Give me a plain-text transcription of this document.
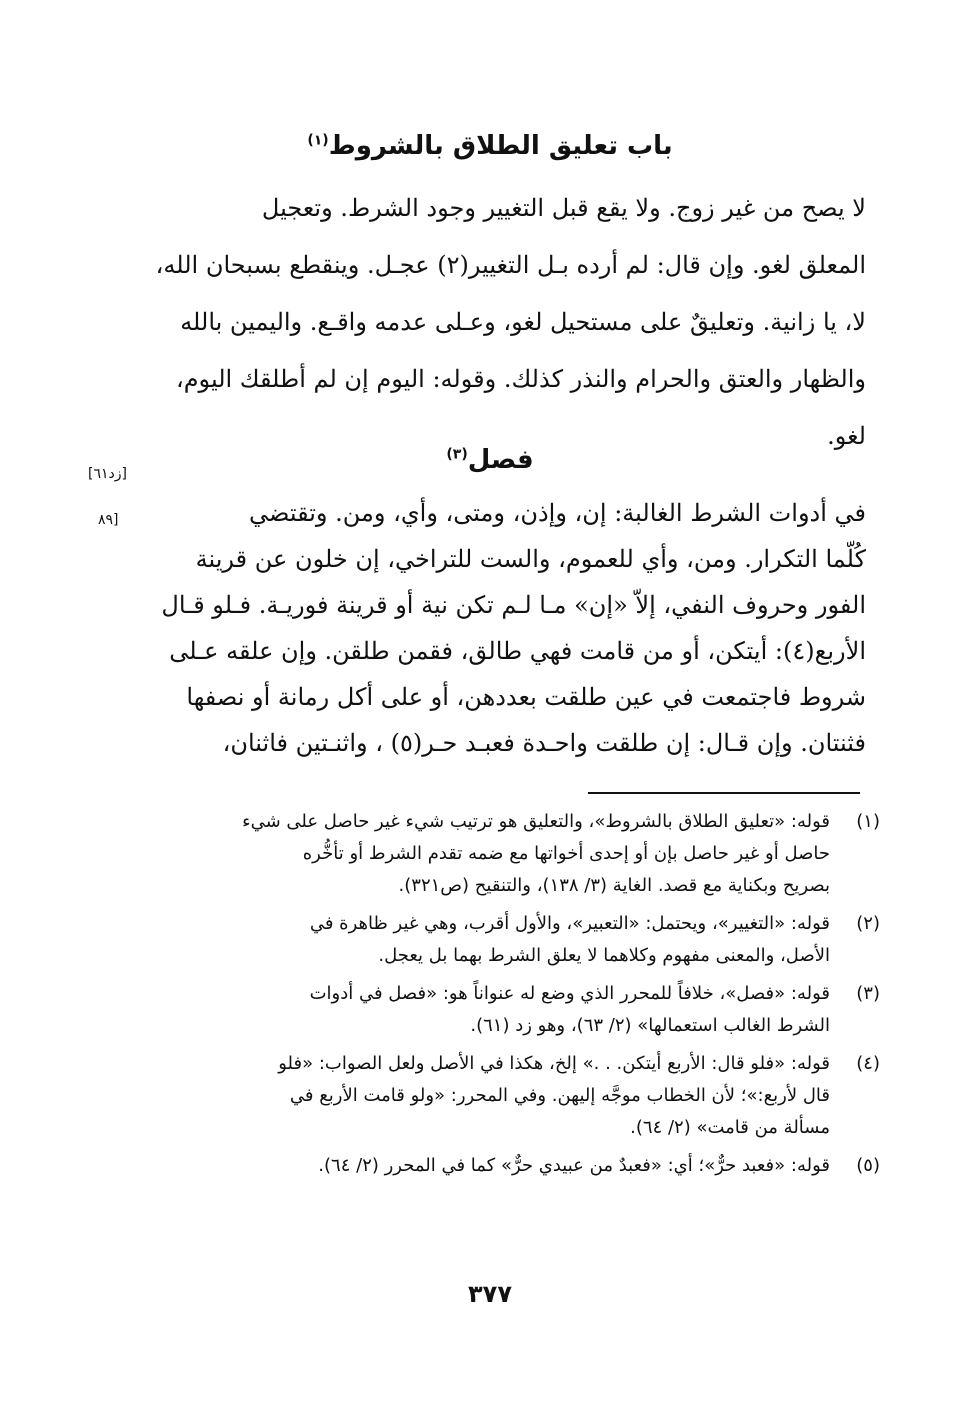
باب تعليق الطلاق بالشروط$^{(١)}$
لا يصح من غير زوج. ولا يقع قبل التغيير وجود الشرط. وتعجيل
المعلق لغو. وإن قال: لم أرده بـل التغيير(٢) عجـل. وينقطع بسبحان الله،
لا، يا زانية. وتعليقٌ على مستحيل لغو، وعـلى عدمه واقـع. واليمين بالله
والظهار والعتق والحرام والنذر كذلك. وقوله: اليوم إن لم أطلقك اليوم،
لغو.
فصل$^{(٣)}$
[زد٦١]
[٨٩	في أدوات الشرط الغالبة: إن، وإذن، ومتى، وأي، ومن. وتقتضي
كُلّما التكرار. ومن، وأي للعموم، والست للتراخي، إن خلون عن قرينة
الفور وحروف النفي، إلاّ «إن» مـا لـم تكن نية أو قرينة فوريـة. فـلو قـال
الأربع(٤): أيتكن، أو من قامت فهي طالق، فقمن طلقن. وإن علقه عـلى
شروط فاجتمعت في عين طلقت بعددهن، أو على أكل رمانة أو نصفها
فثنتان. وإن قـال: إن طلقت واحـدة فعبـد حـر(٥) ، واثنـتين فاثنان،
(١)
قوله: «تعليق الطلاق بالشروط»، والتعليق هو ترتيب شيء غير حاصل على شيء
حاصل أو غير حاصل بإن أو إحدى أخواتها مع ضمه تقدم الشرط أو تأخُّره
بصريح وبكناية مع قصد. الغاية (٣/ ١٣٨)، والتنقيح (ص٣٢١).
(٢)
قوله: «التغيير»، ويحتمل: «التعبير»، والأول أقرب، وهي غير ظاهرة في
الأصل، والمعنى مفهوم وكلاهما لا يعلق الشرط بهما بل يعجل.
(٣)
قوله: «فصل»، خلافاً للمحرر الذي وضع له عنواناً هو: «فصل في أدوات
الشرط الغالب استعمالها» (٢/ ٦٣)، وهو زد (٦١).
(٤)
قوله: «فلو قال: الأربع أيتكن. . .» إلخ، هكذا في الأصل ولعل الصواب: «فلو
قال لأربع:»؛ لأن الخطاب موجَّه إليهن. وفي المحرر: «ولو قامت الأربع في
مسألة من قامت» (٢/ ٦٤).
(٥)
قوله: «فعبد حرٌّ»؛ أي: «فعبدٌ من عبيدي حرٌّ» كما في المحرر (٢/ ٦٤).
٣٧٧
